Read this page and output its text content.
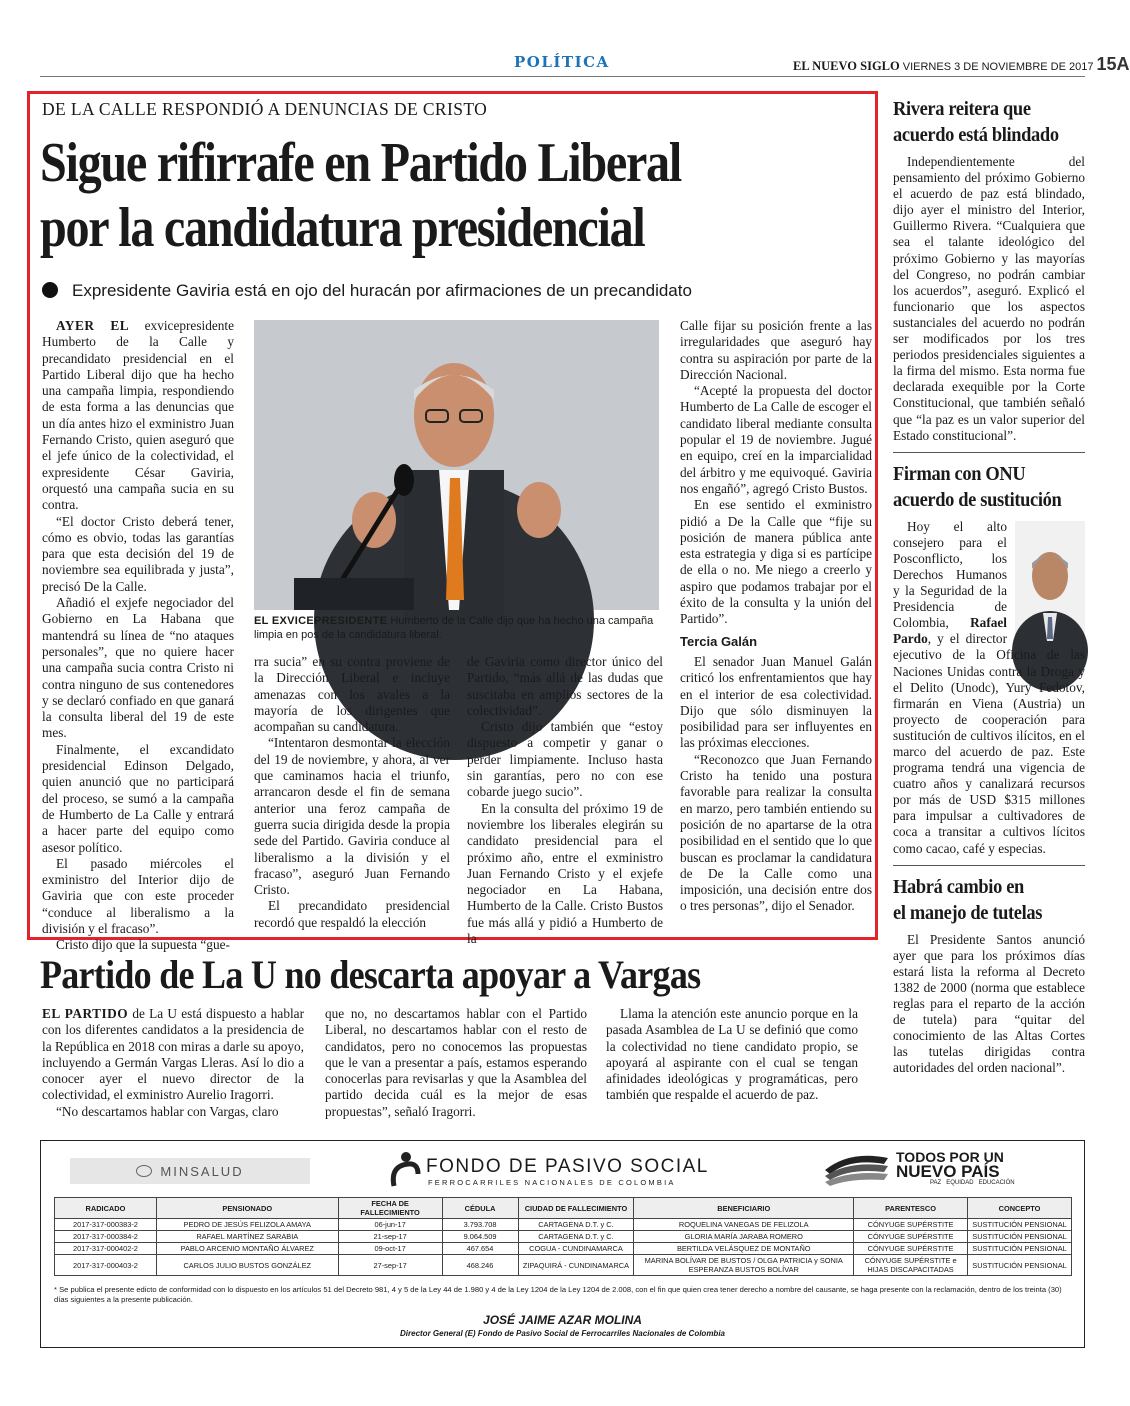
POLÍTICA	EL NUEVO SIGLO VIERNES 3 DE NOVIEMBRE DE 2017 15A
DE LA CALLE RESPONDIÓ A DENUNCIAS DE CRISTO
Sigue rifirrafe en Partido Liberal
por la candidatura presidencial
Expresidente Gaviria está en ojo del huracán por afirmaciones de un precandidato

AYER EL exvicepresidente Humberto de la Calle y precandidato presidencial en el Partido Liberal dijo que ha hecho una campaña limpia, respondiendo de esta forma a las denuncias que un día antes hizo el exministro Juan Fernando Cristo, quien aseguró que el jefe único de la colectividad, el expresidente César Gaviria, orquestó una campaña sucia en su contra.

“El doctor Cristo deberá tener, cómo es obvio, todas las garantías para que esta decisión del 19 de noviembre sea equilibrada y justa”, precisó De la Calle.

Añadió el exjefe negociador del Gobierno en La Habana que mantendrá su línea de “no ataques personales”, que no quiere hacer una campaña sucia contra Cristo ni contra ninguno de sus contenedores y se declaró confiado en que ganará la consulta liberal del 19 de este mes.

Finalmente, el excandidato presidencial Edinson Delgado, quien anunció que no participará del proceso, se sumó a la campaña de Humberto de La Calle y entrará a hacer parte del equipo como asesor político.

El pasado miércoles el exministro del Interior dijo de Gaviria que con este proceder “conduce al liberalismo a la división y el fracaso”.

Cristo dijo que la supuesta “gue-

EL EXVICEPRESIDENTE Humberto de la Calle dijo que ha hecho una campaña limpia en pos de la candidatura liberal.

rra sucia” en su contra proviene de la Dirección Liberal e incluye amenazas con los avales a la mayoría de los dirigentes que acompañan su candidatura.

“Intentaron desmontar la elección del 19 de noviembre, y ahora, al ver que caminamos hacia el triunfo, arrancaron desde el fin de semana anterior una feroz campaña de guerra sucia dirigida desde la propia sede del Partido. Gaviria conduce al liberalismo a la división y el fracaso”, aseguró Juan Fernando Cristo.

El precandidato presidencial recordó que respaldó la elección

de Gaviria como director único del Partido, “más allá de las dudas que suscitaba en amplios sectores de la colectividad”.

Cristo dijo también que “estoy dispuesto a competir y ganar o perder limpiamente. Incluso hasta sin garantías, pero no con ese cobarde juego sucio”.

En la consulta del próximo 19 de noviembre los liberales elegirán su candidato presidencial para el próximo año, entre el exministro Juan Fernando Cristo y el exjefe negociador en La Habana, Humberto de la Calle. Cristo Bustos fue más allá y pidió a Humberto de la

Calle fijar su posición frente a las irregularidades que aseguró hay contra su aspiración por parte de la Dirección Nacional.

“Acepté la propuesta del doctor Humberto de La Calle de escoger el candidato liberal mediante consulta popular el 19 de noviembre. Jugué en equipo, creí en la imparcialidad del árbitro y me equivoqué. Gaviria nos engañó”, agregó Cristo Bustos.

En ese sentido el exministro pidió a De la Calle que “fije su posición de manera pública ante esta estrategia y diga si es partícipe de ella o no. Me niego a creerlo y aspiro que podamos trabajar por el éxito de la consulta y la unión del Partido”.

Tercia Galán

El senador Juan Manuel Galán criticó los enfrentamientos que hay en el interior de esa colectividad. Dijo que sólo disminuyen la posibilidad para ser influyentes en las próximas elecciones.

“Reconozco que Juan Fernando Cristo ha tenido una postura favorable para realizar la consulta en marzo, pero también entiendo su posición de no apartarse de la otra posibilidad en el sentido que lo que buscan es proclamar la candidatura de De la Calle como una imposición, una decisión entre dos o tres personas”, dijo el Senador.

Rivera reitera que
acuerdo está blindado

Independientemente del pensamiento del próximo Gobierno el acuerdo de paz está blindado, dijo ayer el ministro del Interior, Guillermo Rivera. “Cualquiera que sea el talante ideológico del próximo Gobierno y las mayorías del Congreso, no podrán cambiar los acuerdos”, aseguró. Explicó el funcionario que los aspectos sustanciales del acuerdo no podrán ser modificados por los tres periodos presidenciales siguientes a la firma del mismo. Esta norma fue declarada exequible por la Corte Constitucional, que también señaló que “la paz es un valor superior del Estado constitucional”.

Firman con ONU
acuerdo de sustitución

Hoy el alto consejero para el Posconflicto, los Derechos Humanos y la Seguridad de la Presidencia de Colombia, Rafael Pardo, y el director ejecutivo de la Oficina de las Naciones Unidas contra la Droga y el Delito (Unodc), Yury Fedotov, firmarán en Viena (Austria) un proyecto de cooperación para sustitución de cultivos ilícitos, en el marco del acuerdo de paz. Este programa tendrá una vigencia de cuatro años y canalizará recursos por más de USD $315 millones para impulsar a cultivadores de coca a transitar a cultivos lícitos como cacao, café y especias.

Habrá cambio en
el manejo de tutelas

El Presidente Santos anunció ayer que para los próximos días estará lista la reforma al Decreto 1382 de 2000 (norma que establece reglas para el reparto de la acción de tutela) para “quitar del conocimiento de las Altas Cortes las tutelas dirigidas contra autoridades del orden nacional”.

Partido de La U no descarta apoyar a Vargas

EL PARTIDO de La U está dispuesto a hablar con los diferentes candidatos a la presidencia de la República en 2018 con miras a darle su apoyo, incluyendo a Germán Vargas Lleras. Así lo dio a conocer ayer el nuevo director de la colectividad, el exministro Aurelio Iragorri.

“No descartamos hablar con Vargas, claro

que no, no descartamos hablar con el Partido Liberal, no descartamos hablar con el resto de candidatos, pero no conocemos las propuestas que le van a presentar a país, estamos esperando conocerlas para revisarlas y que la Asamblea del partido decida cuál es la mejor de esas propuestas”, señaló Iragorri.

Llama la atención este anuncio porque en la pasada Asamblea de La U se definió que como la colectividad no tiene candidato propio, se apoyará al aspirante con el cual se tengan afinidades ideológicas y programáticas, pero también que respalde el acuerdo de paz.

MINSALUD	FONDO DE PASIVO SOCIAL
FERROCARRILES NACIONALES DE COLOMBIA
TODOS POR UN
NUEVO PAÍS
PAZ   EQUIDAD   EDUCACIÓN
RADICADO	PENSIONADO	FECHA DE FALLECIMIENTO	CÉDULA	CIUDAD DE FALLECIMIENTO	BENEFICIARIO	PARENTESCO	CONCEPTO
2017-317-000383-2	PEDRO DE JESÚS FELIZOLA AMAYA	06-jun-17	3.793.708	CARTAGENA D.T. y C.	ROQUELINA VANEGAS DE FELIZOLA	CÓNYUGE SUPÉRSTITE	SUSTITUCIÓN PENSIONAL
2017-317-000384-2	RAFAEL MARTÍNEZ SARABIA	21-sep-17	9.064.509	CARTAGENA D.T. y C.	GLORIA MARÍA JARABA ROMERO	CÓNYUGE SUPÉRSTITE	SUSTITUCIÓN PENSIONAL
2017-317-000402-2	PABLO ARCENIO MONTAÑO ÁLVAREZ	09-oct-17	467.654	COGUA - CUNDINAMARCA	BERTILDA VELÁSQUEZ DE MONTAÑO	CÓNYUGE SUPÉRSTITE	SUSTITUCIÓN PENSIONAL
2017-317-000403-2	CARLOS JULIO BUSTOS GONZÁLEZ	27-sep-17	468.246	ZIPAQUIRÁ - CUNDINAMARCA	MARINA BOLÍVAR DE BUSTOS / OLGA PATRICIA y SONIA ESPERANZA BUSTOS BOLÍVAR	CÓNYUGE SUPÉRSTITE e HIJAS DISCAPACITADAS	SUSTITUCIÓN PENSIONAL
* Se publica el presente edicto de conformidad con lo dispuesto en los artículos 51 del Decreto 981, 4 y 5 de la Ley 44 de 1.980 y 4 de la Ley 1204 de la Ley 1204 de 2.008, con el fin que quien crea tener derecho a nombre del causante, se haga presente con la reclamación, dentro de los treinta (30) días siguientes a la presente publicación.
JOSÉ JAIME AZAR MOLINA
Director General (E) Fondo de Pasivo Social de Ferrocarriles Nacionales de Colombia
